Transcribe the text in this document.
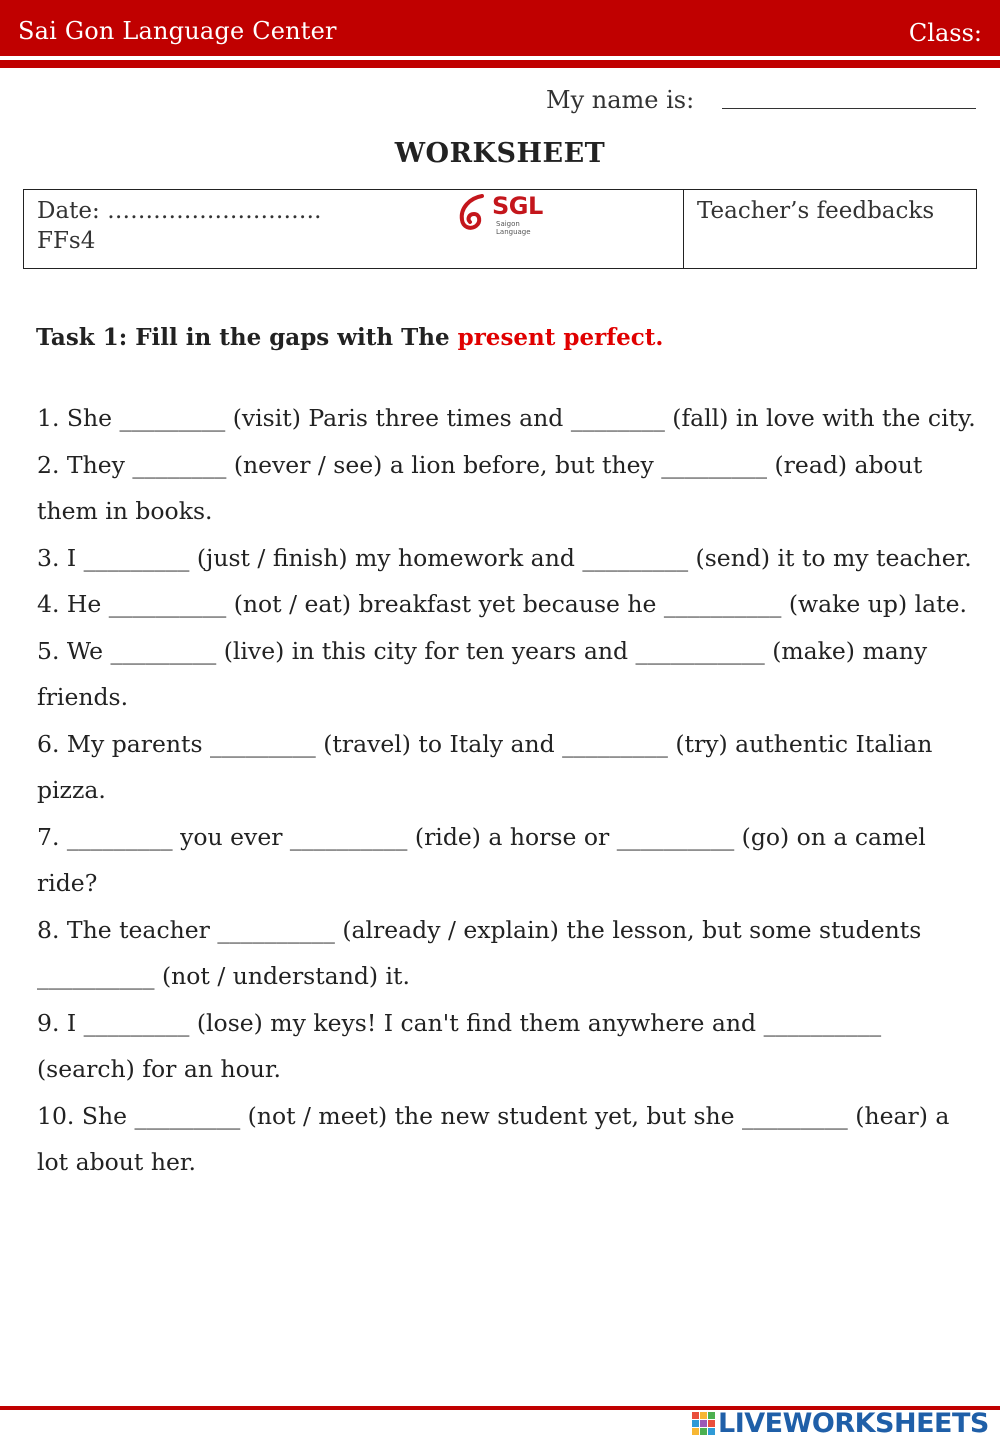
Sai Gon Language Center	Class:
My name is:
WORKSHEET
Date: ……………………….
FFs4
SGL
Saigon Language
Teacher’s feedbacks
Task 1: Fill in the gaps with The present perfect.
1. She _________ (visit) Paris three times and ________ (fall) in love with the city.
2. They ________ (never / see) a lion before, but they _________ (read) about them in books.
3. I _________ (just / finish) my homework and _________ (send) it to my teacher.
4. He __________ (not / eat) breakfast yet because he __________ (wake up) late.
5. We _________ (live) in this city for ten years and ___________ (make) many friends.
6. My parents _________ (travel) to Italy and _________ (try) authentic Italian pizza.
7. _________ you ever __________ (ride) a horse or __________ (go) on a camel ride?
8. The teacher __________ (already / explain) the lesson, but some students __________ (not / understand) it.
9. I _________ (lose) my keys! I can't find them anywhere and __________ (search) for an hour.
10. She _________ (not / meet) the new student yet, but she _________ (hear) a lot about her.
LIVEWORKSHEETS
